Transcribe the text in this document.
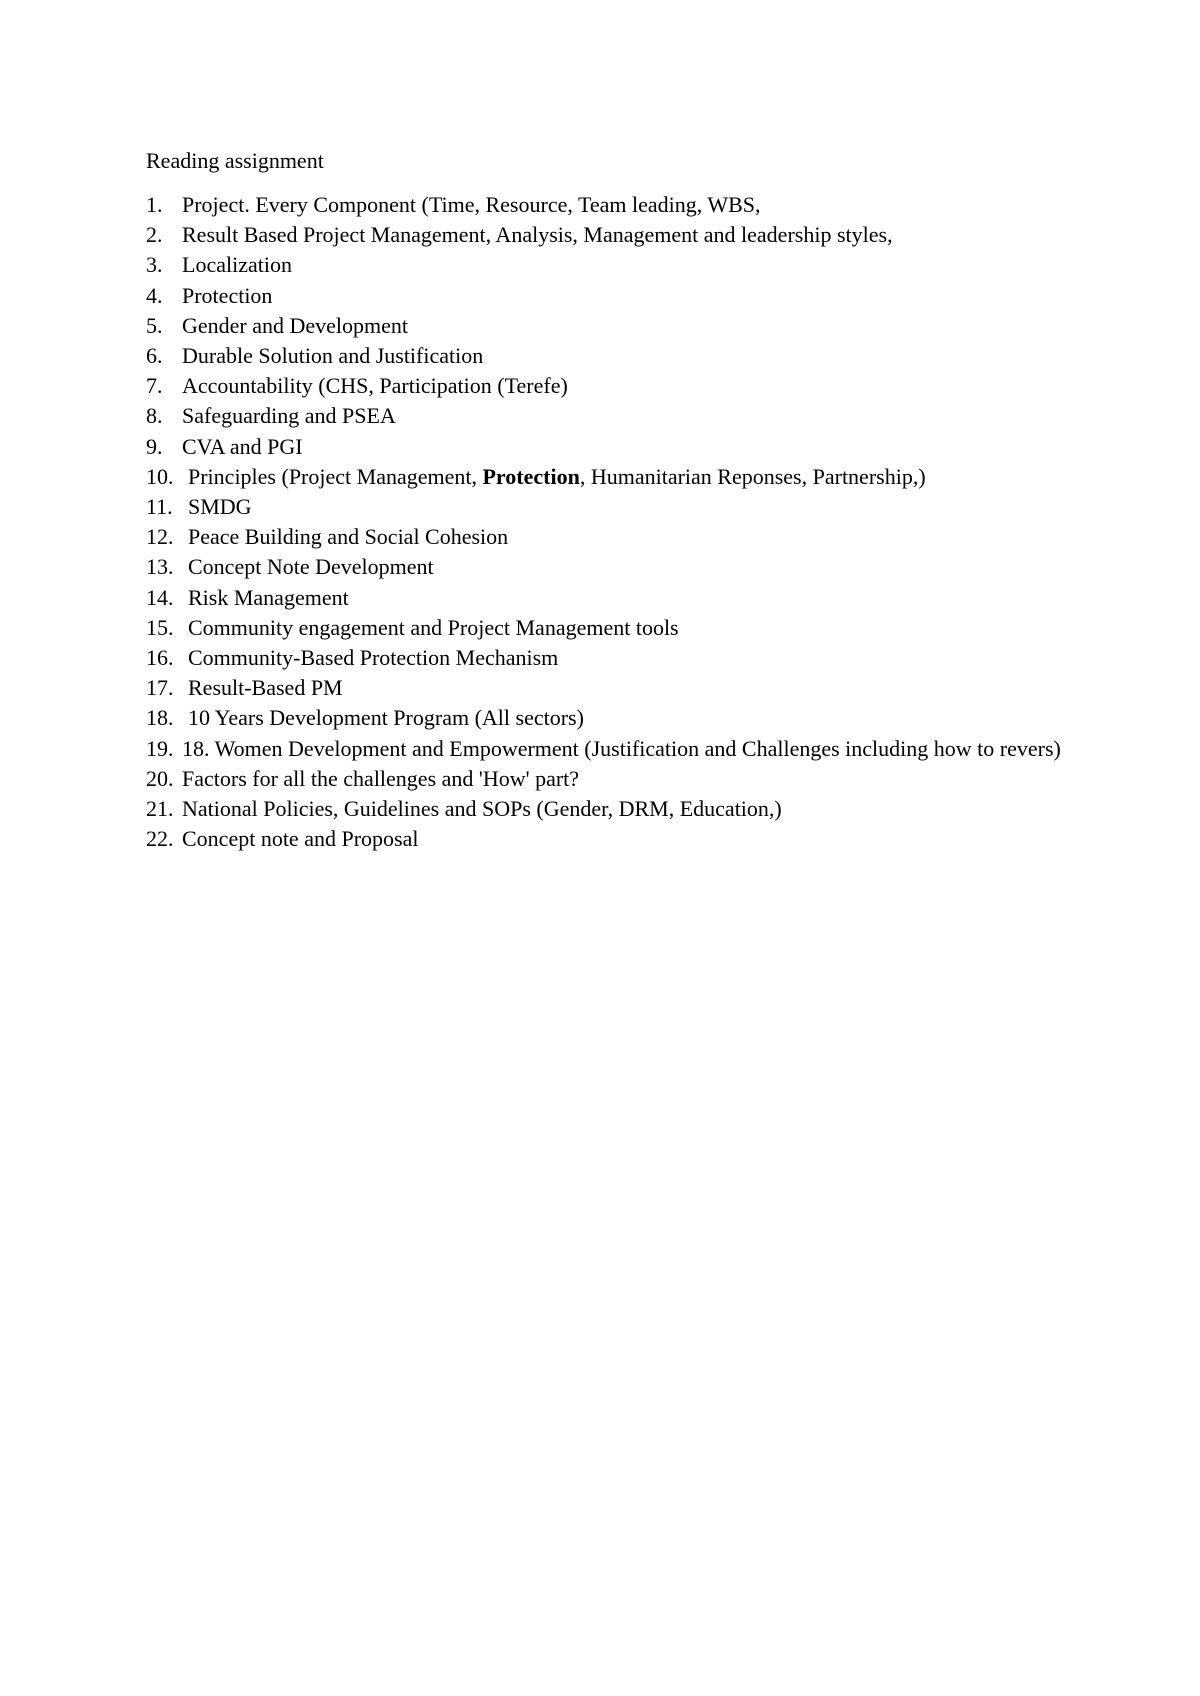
Reading assignment
1. Project. Every Component (Time, Resource, Team leading, WBS,
2. Result Based Project Management, Analysis, Management and leadership styles,
3. Localization
4. Protection
5. Gender and Development
6. Durable Solution and Justification
7. Accountability (CHS, Participation (Terefe)
8. Safeguarding and PSEA
9. CVA and PGI
10. Principles (Project Management, Protection, Humanitarian Reponses, Partnership,)
11. SMDG
12. Peace Building and Social Cohesion
13. Concept Note Development
14. Risk Management
15. Community engagement and Project Management tools
16. Community-Based Protection Mechanism
17. Result-Based PM
18. 10 Years Development Program (All sectors)
19. 18. Women Development and Empowerment (Justification and Challenges including how to revers)
20. Factors for all the challenges and 'How' part?
21. National Policies, Guidelines and SOPs (Gender, DRM, Education,)
22. Concept note and Proposal
